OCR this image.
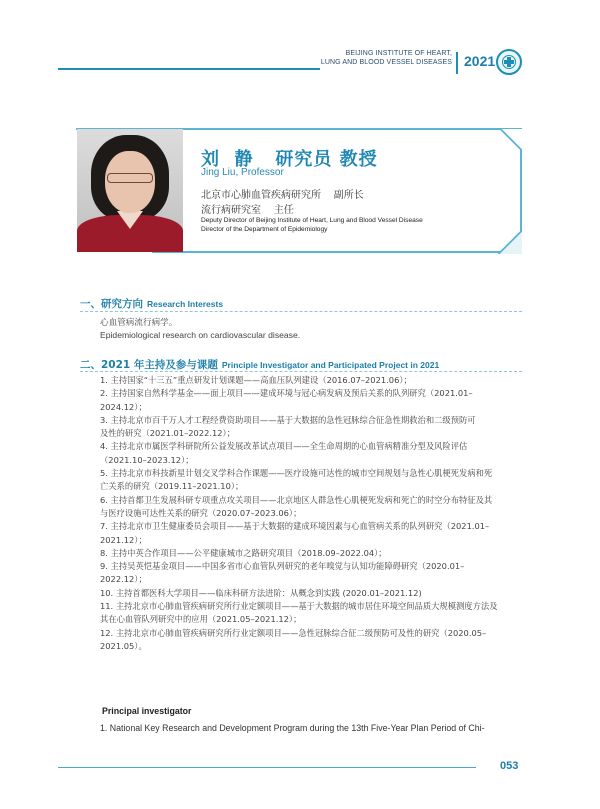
BEIJING INSTITUTE OF HEART,
LUNG AND BLOOD VESSEL DISEASES 2021
刘  静   研究员 教授
Jing Liu, Professor
北京市心肺血管疾病研究所    副所长
流行病研究室    主任
Deputy Director of Beijing Institute of Heart, Lung and Blood Vessel Disease
Director of the Department of Epidemiology
一、研究方向 Research Interests
心血管病流行病学。
Epidemiological research on cardiovascular disease.
二、2021 年主持及参与课题 Principle Investigator and Participated Project in 2021
1. 主持国家“十三五”重点研发计划课题——高血压队列建设（2016.07–2021.06）；
2. 主持国家自然科学基金——面上项目——建成环境与冠心病发病及预后关系的队列研究（2021.01–
2024.12）；
3. 主持北京市百千万人才工程经费资助项目——基于大数据的急性冠脉综合征急性期救治和二级预防可
及性的研究（2021.01–2022.12）；
4. 主持北京市属医学科研院所公益发展改革试点项目——全生命周期的心血管病精准分型及风险评估
（2021.10–2023.12）；
5. 主持北京市科技新星计划交叉学科合作课题——医疗设施可达性的城市空间规划与急性心肌梗死发病和死
亡关系的研究（2019.11–2021.10）；
6. 主持首都卫生发展科研专项重点攻关项目——北京地区人群急性心肌梗死发病和死亡的时空分布特征及其
与医疗设施可达性关系的研究（2020.07–2023.06）；
7. 主持北京市卫生健康委员会项目——基于大数据的建成环境因素与心血管病关系的队列研究（2021.01–
2021.12）；
8. 主持中英合作项目——公平健康城市之路研究项目（2018.09–2022.04）；
9. 主持吴英恺基金项目——中国多省市心血管队列研究的老年嗅觉与认知功能障碍研究（2020.01–
2022.12）；
10. 主持首都医科大学项目——临床科研方法进阶：从概念到实践 (2020.01–2021.12)
11. 主持北京市心肺血管疾病研究所行业定额项目——基于大数据的城市居住环境空间品质大规模测度方法及
其在心血管队列研究中的应用（2021.05–2021.12）；
12. 主持北京市心肺血管疾病研究所行业定额项目——急性冠脉综合征二级预防可及性的研究（2020.05–
2021.05）。
Principal investigator
1. National Key Research and Development Program during the 13th Five-Year Plan Period of Chi-
053
